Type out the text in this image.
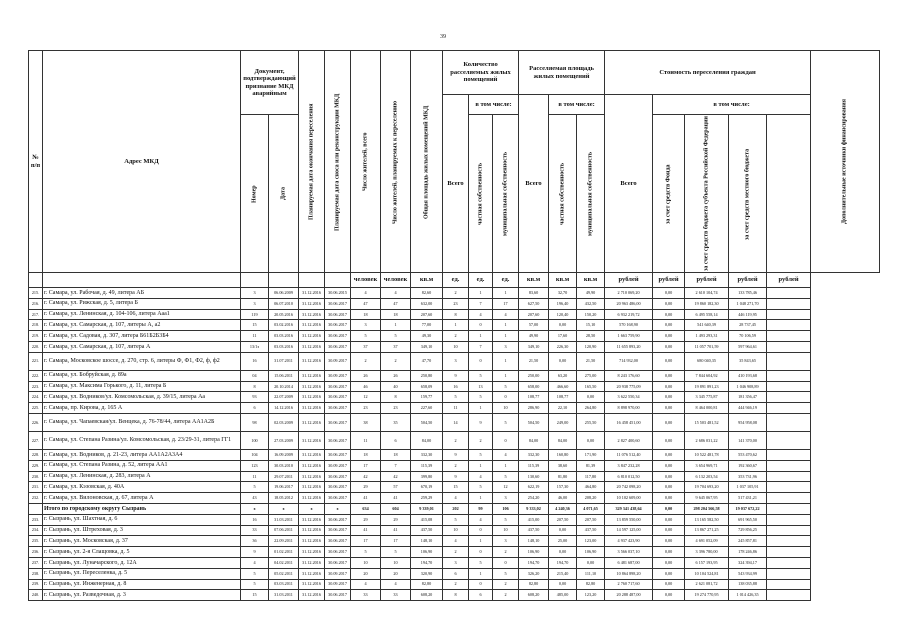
39
№ п/п	Адрес МКД	Документ, подтверждающий признание МКД аварийным		Планируемая дата окончания переселения	Планируемая дата сноса или реконструкции МКД	Число жителей, всего	Число жителей, планируемых к переселению	Общая площадь жилых помещений МКД	Количество расселяемых жилых помещений			Расселяемая площадь жилых помещений			Стоимость переселения граждан					Дополнительные источники финансирования
									Всего	в том числе:		Всего	в том числе:		Всего	в том числе:				
		Номер	Дата							частная собственность	муниципальная собственность		частная собственность	муниципальная собственность		за счет средств Фонда	за счет средств бюджета субъекта Российской Федерации	за счет средств местного бюджета		
						человек	человек	кв.м	ед.	ед.	ед.	кв.м	кв.м	кв.м	рублей	рублей	рублей	рублей	рублей	
215.	г. Самара, ул. Рабочая, д. 49, литера АБ	3	06.06.2009	31.12.2016	30.06.2015	4	4	82,60	2	1	1	83,60	32,70	49,90	2 710 069,20	0,00	2 610 104,74	133 785,46		
216.	г. Самара, ул. Рижская, д. 5, литера Б	3	06.07.2010	31.12.2016	30.06.2017	47	47	632,00	23	7	17	627,50	196,40	432,50	20 963 486,00	0,00	19 860 182,30	1 048 271,70		
217.	г. Самара, ул. Ленинская, д. 104-106, литера Ааа1	119	20.05.2016	31.12.2016	30.06.2017	18	18	207,60	8	4	4	207,60	120,40	150,20	6 932 219,72	0,00	6 495 558,14	446 119,95		
218.	г. Самара, ул. Самарская, д. 107, литеры А, а2	15	03.02.2016	31.12.2016	30.06.2017	3	1	77,00	1	0	1	57,00	0,00	15,10	570 168,90	0,00	541 640,39	28 737,45		
219.	г. Самара, ул. Садовая, д. 307, литера Б61Б2Б3Б4	11	03.03.2016	31.12.2016	30.06.2017	5	5	49,30	2	1	1	49,90	17,60	28,50	1 663 759,90	0,00	1 493 293,31	70 106,59		
220.	г. Самара, ул. Самарская, д. 107, литера А	13/1э	03.03.2016	31.12.2016	30.06.2017	37	37	349,10	10	7	3	349,10	226,30	120,90	11 655 893,20	0,00	11 057 701,59	597 964,61		
221.	г. Самара, Московское шоссе, д. 270, стр. 6, литеры Ф, Ф1, Ф2, ф, ф2	16	31.07.2011	31.12.2016	30.09.2017	2	2	47,70	3	0	1	21,50	0,00	21,50	714 932,00	0,00	680 040,35	35 843,65		
222.	г. Самара, ул. Бобруйская, д. 89а	04	15.06.2011	31.12.2016	30.09.2017	26	26	250,80	9	5	1	250,00	63,20	275,00	8 243 176,60	0,00	7 844 604,92	410 193,68		
223.	г. Самара, ул. Максима Горького, д. 11, литера Б	8	20.10.2014	31.12.2016	30.06.2017	46	40	658,09	16	13	5	658,00	466,60	165,50	20 938 775,09	0,00	19 891 891,23	1 046 908,89		
224.	г. Самара, ул. Водников/ул. Комсомольская, д. 39/15, литера Аа	93	22.07.2009	31.12.2016	30.06.2017	12	8	159,77	5	5	0	108,77	108,77	0,00	3 622 550,34	0,00	3 345 775,87	181 356,47		
225.	г. Самара, пр. Кирова, д. 165 А	6	14.12.2016	31.12.2016	30.06.2017	23	23	227,60	11	1	10	286,90	22,10	264,80	8 898 970,00	0,00	8 464 000,81	444 946,19		
226.	г. Самара, ул. Чапаевская/ул. Венцека, д. 76-78/44, литера АА1А2Б	98	02.03.2009	31.12.2016	30.06.2017	38	35	504,50	14	9	5	504,50	249,00	255,50	16 458 451,00	0,00	15 503 481,52	954 958,08		
227.	г. Самара, ул. Степана Разина/ул. Комсомольская, д. 23/29-31, литера ГГ1	100	27.03.2009	31.12.2016	30.06.2017	11	6	84,00	2	2	0	84,00	84,00	0,00	2 827 400,60	0,00	2 686 031,22	141 370,00		
228.	г. Самара, ул. Водников, д. 21-23, литера АА1А2А3А4	104	16.09.2009	31.12.2016	30.06.2017	18	18	332,30	9	5	4	332,30	160,80	171,90	11 076 512,40	0,00	10 522 481,78	553 470,62		
229.	г. Самара, ул. Степана Разина, д. 52, литера АА1	123	30.03.2010	31.12.2016	30.09.2017	17	7	115,39	2	1	1	115,39	38,60	81,39	3 847 232,28	0,00	3 654 969,71	192 360,67		
230.	г. Самара, ул. Ленинская, д. 283, литера А	11	29.07.2011	31.12.2016	30.06.2017	42	42	399,80	9	4	5	130,60	81,80	117,80	6 810 012,50	0,00	6 132 203,54	353 731,96		
231.	г. Самара, ул. Кэзовская, д. 40А	5	19.06.2017	31.12.2016	30.06.2017	29	57	670,19	15	5	12	622,19	157,30	464,80	20 742 098,20	0,00	19 704 693,20	1 037 105,91		
232.	г. Самара, ул. Вилоновская, д. 67, литера А	43	18.05.2012	31.12.2016	30.06.2017	41	41	259,29	4	1	3	254,20	46,00	208,20	10 102 609,00	0,00	9 645 067,95	517 431,21		
	Итого по городскому округу Сызрань	х	х	х	х	634	604	9 339,01	202	99	106	9 333,02	4 240,36	4 071,65	329 341 438,64	0,00	298 204 566,58	19 037 672,22		
233.	г. Сызрань, ул. Шахтная, д. 6	16	31.03.2011	31.12.2016	30.06.2017	29	29	415,08	5	4	5	415,00	207,50	207,50	13 859 550,00	0,00	13 165 582,50	691 965,50		
234.	г. Сызрань, ул. Штреховая, д. 3	33	07.06.2011	31.12.2016	30.06.2017	41	41	437,50	10	0	10	437,50	0,00	437,50	14 597 125,00	0,00	13 867 271,25	729 856,25		
235.	г. Сызрань, ул. Московская, д. 37	36	22.09.2011	31.12.2016	30.06.2017	17	17	148,10	4	1	3	148,10	25,00	123,00	4 937 423,90	0,00	4 691 052,09	245 857,81		
236.	г. Сызрань, ул. 2-я Слащовка, д. 5	9	01.02.2011	31.12.2016	30.06.2017	5	5	106,90	2	0	2	106,90	0,00	106,90	3 566 037,10	0,00	3 396 780,00	178 246,86		
237.	г. Сызрань, ул. Луначарского, д. 12А	4	04.02.2011	31.12.2016	30.06.2017	10	10	194,70	3	5	0	194,70	194,70	0,00	6 481 687,00	0,00	6 157 193,95	324 394,17		
238.	г. Сызрань, ул. Переселенка, д. 5	5	05.02.2011	31.12.2016	30.09.2017	20	20	320,90	6	1	5	326,20	215,40	111,10	10 864 898,20	0,00	10 104 524,81	543 934,99		
239.	г. Сызрань, ул. Инженерная, д. 8	5	03.03.2011	31.12.2016	30.09.2017	4	4	82,80	2	0	2	82,80	0,00	82,80	2 760 717,60	0,00	2 621 081,72	138 035,88		
240.	г. Сызрань, ул. Разведочная, д. 3	15	31.03.2011	31.12.2016	30.06.2017	33	33	608,20	8	6	2	608,20	485,00	123,20	20 288 487,00	0,00	19 274 770,95	1 014 426,35		
